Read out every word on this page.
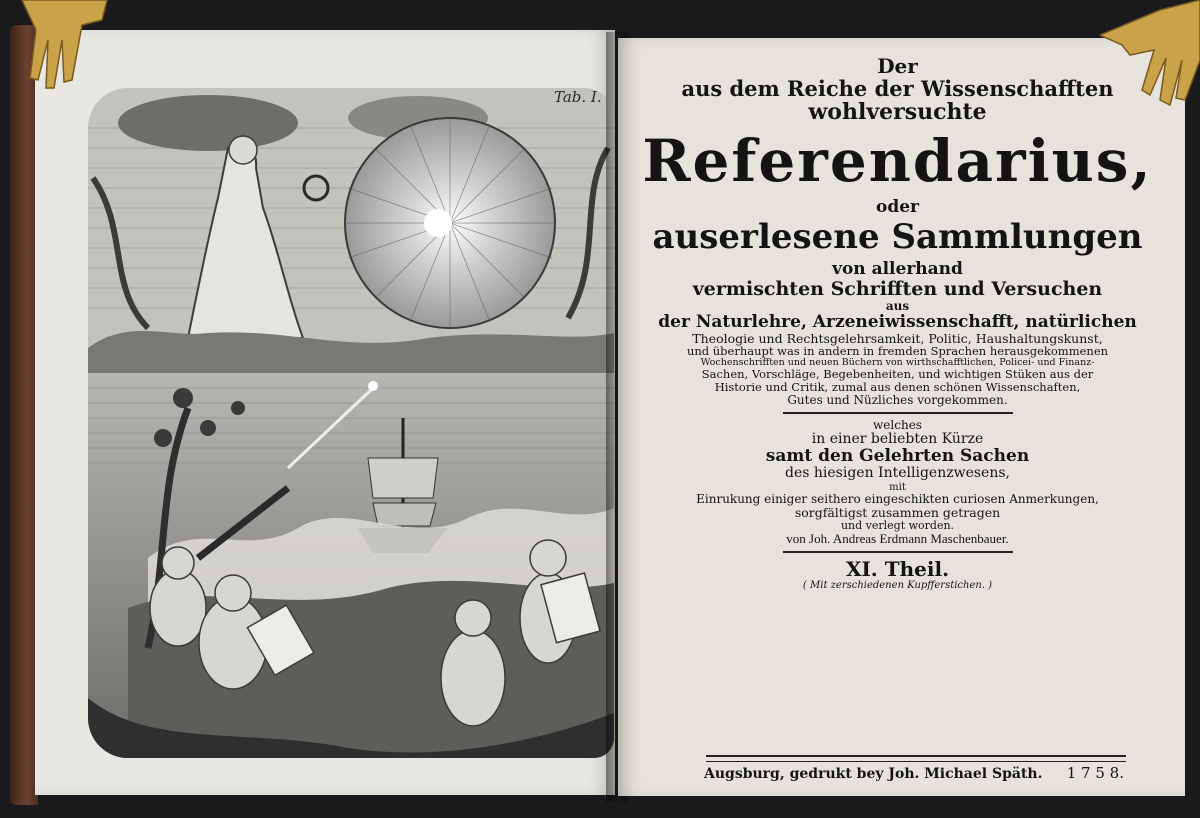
Tab. I.
Der
aus dem Reiche der Wissenschafften
wohlversuchte
Referendarius,
oder
auserlesene Sammlungen
von allerhand
vermischten Schrifften und Versuchen
aus
der Naturlehre, Arzeneiwissenschafft, natürlichen
Theologie und Rechtsgelehrsamkeit, Politic, Haushaltungskunst,
und überhaupt was in andern in fremden Sprachen herausgekommenen
Wochenschrifften und neuen Büchern von wirthschafftlichen, Policei- und Finanz-
Sachen, Vorschläge, Begebenheiten, und wichtigen Stüken aus der
Historie und Critik, zumal aus denen schönen Wissenschaften,
Gutes und Nüzliches vorgekommen.
welches
in einer beliebten Kürze
samt den Gelehrten Sachen
des hiesigen Intelligenzwesens,
mit
Einrukung einiger seithero eingeschikten curiosen Anmerkungen,
sorgfältigst zusammen getragen
und verlegt worden.
von Joh. Andreas Erdmann Maschenbauer.
XI. Theil.
( Mit zerschiedenen Kupfferstichen. )
Augsburg, gedrukt bey Joh. Michael Späth. 1 7 5 8.
